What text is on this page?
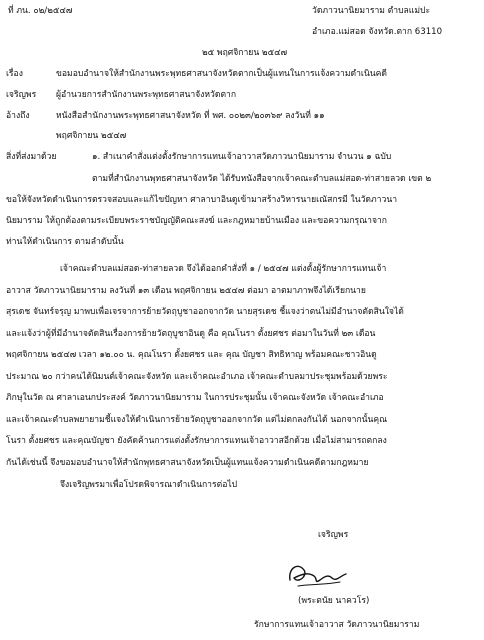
ที่ ภน. ๐๒/๒๕๔๗	วัดภาวนานิยมาราม ตำบลแม่ปะ
อำเภอ.แม่สอด จังหวัด.ตาก 63110
๒๕ พฤศจิกายน ๒๕๔๗
เรื่อง	ขอมอบอำนาจให้สำนักงานพระพุทธศาสนาจังหวัดตากเป็นผู้แทนในการแจ้งความดำเนินคดี
เจริญพร ผู้อำนวยการสำนักงานพระพุทธศาสนาจังหวัดตาก
อ้างถึง	หนังสือสำนักงานพระพุทธศาสนาจังหวัด ที่ พศ. ๐๐๒๓/๒๐๓๖๙ ลงวันที่ ๑๑
พฤศจิกายน ๒๕๔๗
สิ่งที่ส่งมาด้วย	๑. สำเนาคำสั่งแต่งตั้งรักษาการแทนเจ้าอาวาสวัดภาวนานิยมาราม จำนวน ๑ ฉบับ
ตามที่สำนักงานพุทธศาสนาจังหวัด ได้รับหนังสือจากเจ้าคณะตำบลแม่สอด-ท่าสายลวด เขต ๒
ขอให้จังหวัดดำเนินการตรวจสอบและแก้ไขปัญหา ศาลาบาอินดูเข้ามาสร้างวิหารนายเณัสกรมี ในวัดภาวนา
นิยมาราม ให้ถูกต้องตามระเบียบพระราชบัญญัติคณะสงฆ์ และกฎหมายบ้านเมือง และขอความกรุณาจาก
ท่านให้ดำเนินการ ตามลำดับนั้น
เจ้าคณะตำบลแม่สอด-ท่าสายลวด จึงได้ออกคำสั่งที่ ๑ / ๒๕๔๗ แต่งตั้งผู้รักษาการแทนเจ้า
อาวาส วัดภาวนานิยมาราม ลงวันที่ ๑๓ เดือน พฤศจิกายน ๒๕๔๗ ต่อมา อาตมาภาพจึงได้เรียกนาย
สุรเดช จันทร์จรุญ มาพบเพื่อเจรจาการย้ายวัตถุบูชาออกจากวัด นายสุรเดช ชี้แจงว่าตนไม่มีอำนาจตัดสินใจได้
และแจ้งว่าผู้ที่มีอำนาจตัดสินเรื่องการย้ายวัตถุบูชาอินดู คือ คุณโนรา ตั้งยศชร ต่อมาในวันที่ ๒๓ เดือน
พฤศจิกายน ๒๕๔๗ เวลา ๑๒.๐๐ น. คุณโนรา ตั้งยศชร และ คุณ บัญชา สิทธิหาญ พร้อมคณะชาวอินดู
ประมาณ ๒๐ กว่าคนได้นิมนต์เจ้าคณะจังหวัด และเจ้าคณะอำเภอ เจ้าคณะตำบลมาประชุมพร้อมด้วยพระ
ภิกษุในวัด ณ ศาลาเอนกประสงค์ วัดภาวนานิยมาราม ในการประชุมนั้น เจ้าคณะจังหวัด เจ้าคณะอำเภอ
และเจ้าคณะตำบลพยายามชี้แจงให้ดำเนินการย้ายวัตถุบูชาออกจากวัด แต่ไม่ตกลงกันได้ นอกจากนั้นคุณ
โนรา ตั้งยศชร และคุณบัญชา ยังคัดค้านการแต่งตั้งรักษาการแทนเจ้าอาวาสอีกด้วย เมื่อไม่สามารถตกลง
กันได้เช่นนี้ จึงขอมอบอำนาจให้สำนักพุทธศาสนาจังหวัดเป็นผู้แทนแจ้งความดำเนินคดีตามกฎหมาย
จึงเจริญพรมาเพื่อโปรดพิจารณาดำเนินการต่อไป
เจริญพร
(พระตนัย นาควโร)
รักษาการแทนเจ้าอาวาส วัดภาวนานิยมาราม
